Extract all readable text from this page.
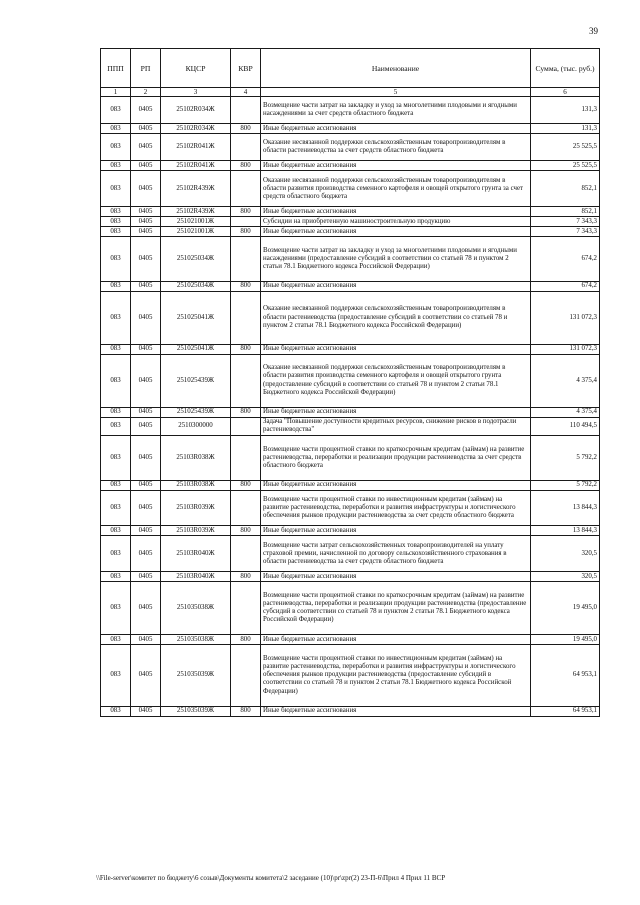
39
ППП	РП	КЦСР	КВР	Наименование	Сумма, (тыс. руб.)
1	2	3	4	5	6
083	0405	25102R034Ж		Возмещение части затрат на закладку и уход за многолетними плодовыми и ягодными насаждениями за счет средств областного бюджета	131,3
083	0405	25102R034Ж	800	Иные бюджетные ассигнования	131,3
083	0405	25102R041Ж		Оказание несвязанной поддержки сельскохозяйственным товаропроизводителям в области растениеводства за счет средств областного бюджета	25 525,5
083	0405	25102R041Ж	800	Иные бюджетные ассигнования	25 525,5
083	0405	25102R439Ж		Оказание несвязанной поддержки сельскохозяйственным товаропроизводителям в области развития производства семенного картофеля и овощей открытого грунта за счет средств областного бюджета	852,1
083	0405	25102R439Ж	800	Иные бюджетные ассигнования	852,1
083	0405	251021001Ж		Субсидии на приобретенную машиностроительную продукцию	7 343,3
083	0405	251021001Ж	800	Иные бюджетные ассигнования	7 343,3
083	0405	251025034Ж		Возмещение части затрат на закладку и уход за многолетними плодовыми и ягодными насаждениями (предоставление субсидий в соответствии со статьей 78 и пунктом 2 статьи 78.1 Бюджетного кодекса Российской Федерации)	674,2
083	0405	251025034Ж	800	Иные бюджетные ассигнования	674,2
083	0405	251025041Ж		Оказание несвязанной поддержки сельскохозяйственным товаропроизводителям в области растениеводства (предоставление субсидий в соответствии со статьей 78 и пунктом 2 статьи 78.1 Бюджетного кодекса Российской Федерации)	131 072,3
083	0405	251025041Ж	800	Иные бюджетные ассигнования	131 072,3
083	0405	251025439Ж		Оказание несвязанной поддержки сельскохозяйственным товаропроизводителям в области развития производства семенного картофеля и овощей открытого грунта (предоставление субсидий в соответствии со статьей 78 и пунктом 2 статьи 78.1 Бюджетного кодекса Российской Федерации)	4 375,4
083	0405	251025439Ж	800	Иные бюджетные ассигнования	4 375,4
083	0405	2510300000		Задача "Повышение доступности кредитных ресурсов, снижение рисков в подотрасли растениеводства"	110 494,5
083	0405	25103R038Ж		Возмещение части процентной ставки по краткосрочным кредитам (займам) на развитие растениеводства, переработки и реализации продукции растениеводства за счет средств областного бюджета	5 792,2
083	0405	25103R038Ж	800	Иные бюджетные ассигнования	5 792,2
083	0405	25103R039Ж		Возмещение части процентной ставки по инвестиционным кредитам (займам) на развитие растениеводства, переработки и развития инфраструктуры и логистического обеспечения рынков продукции растениеводства за счет средств областного бюджета	13 844,3
083	0405	25103R039Ж	800	Иные бюджетные ассигнования	13 844,3
083	0405	25103R040Ж		Возмещение части затрат сельскохозяйственных товаропроизводителей на уплату страховой премии, начисленной по договору сельскохозяйственного страхования в области растениеводства за счет средств областного бюджета	320,5
083	0405	25103R040Ж	800	Иные бюджетные ассигнования	320,5
083	0405	251035038Ж		Возмещение части процентной ставки по краткосрочным кредитам (займам) на развитие растениеводства, переработки и реализации продукции растениеводства (предоставление субсидий в соответствии со статьей 78 и пунктом 2 статьи 78.1 Бюджетного кодекса Российской Федерации)	19 495,0
083	0405	251035038Ж	800	Иные бюджетные ассигнования	19 495,0
083	0405	251035039Ж		Возмещение части процентной ставки по инвестиционным кредитам (займам) на развитие растениеводства, переработки и развития инфраструктуры и логистического обеспечения рынков продукции растениеводства (предоставление субсидий в соответствии со статьей 78 и пунктом 2 статьи 78.1 Бюджетного кодекса Российской Федерации)	64 953,1
083	0405	251035039Ж	800	Иные бюджетные ассигнования	64 953,1
\\File-server\комитет по бюджету\6 созыв\Документы комитета\2 заседание (10)\pr\zpr(2) 23-П-6\Прил 4 Прил 11 ВСР
